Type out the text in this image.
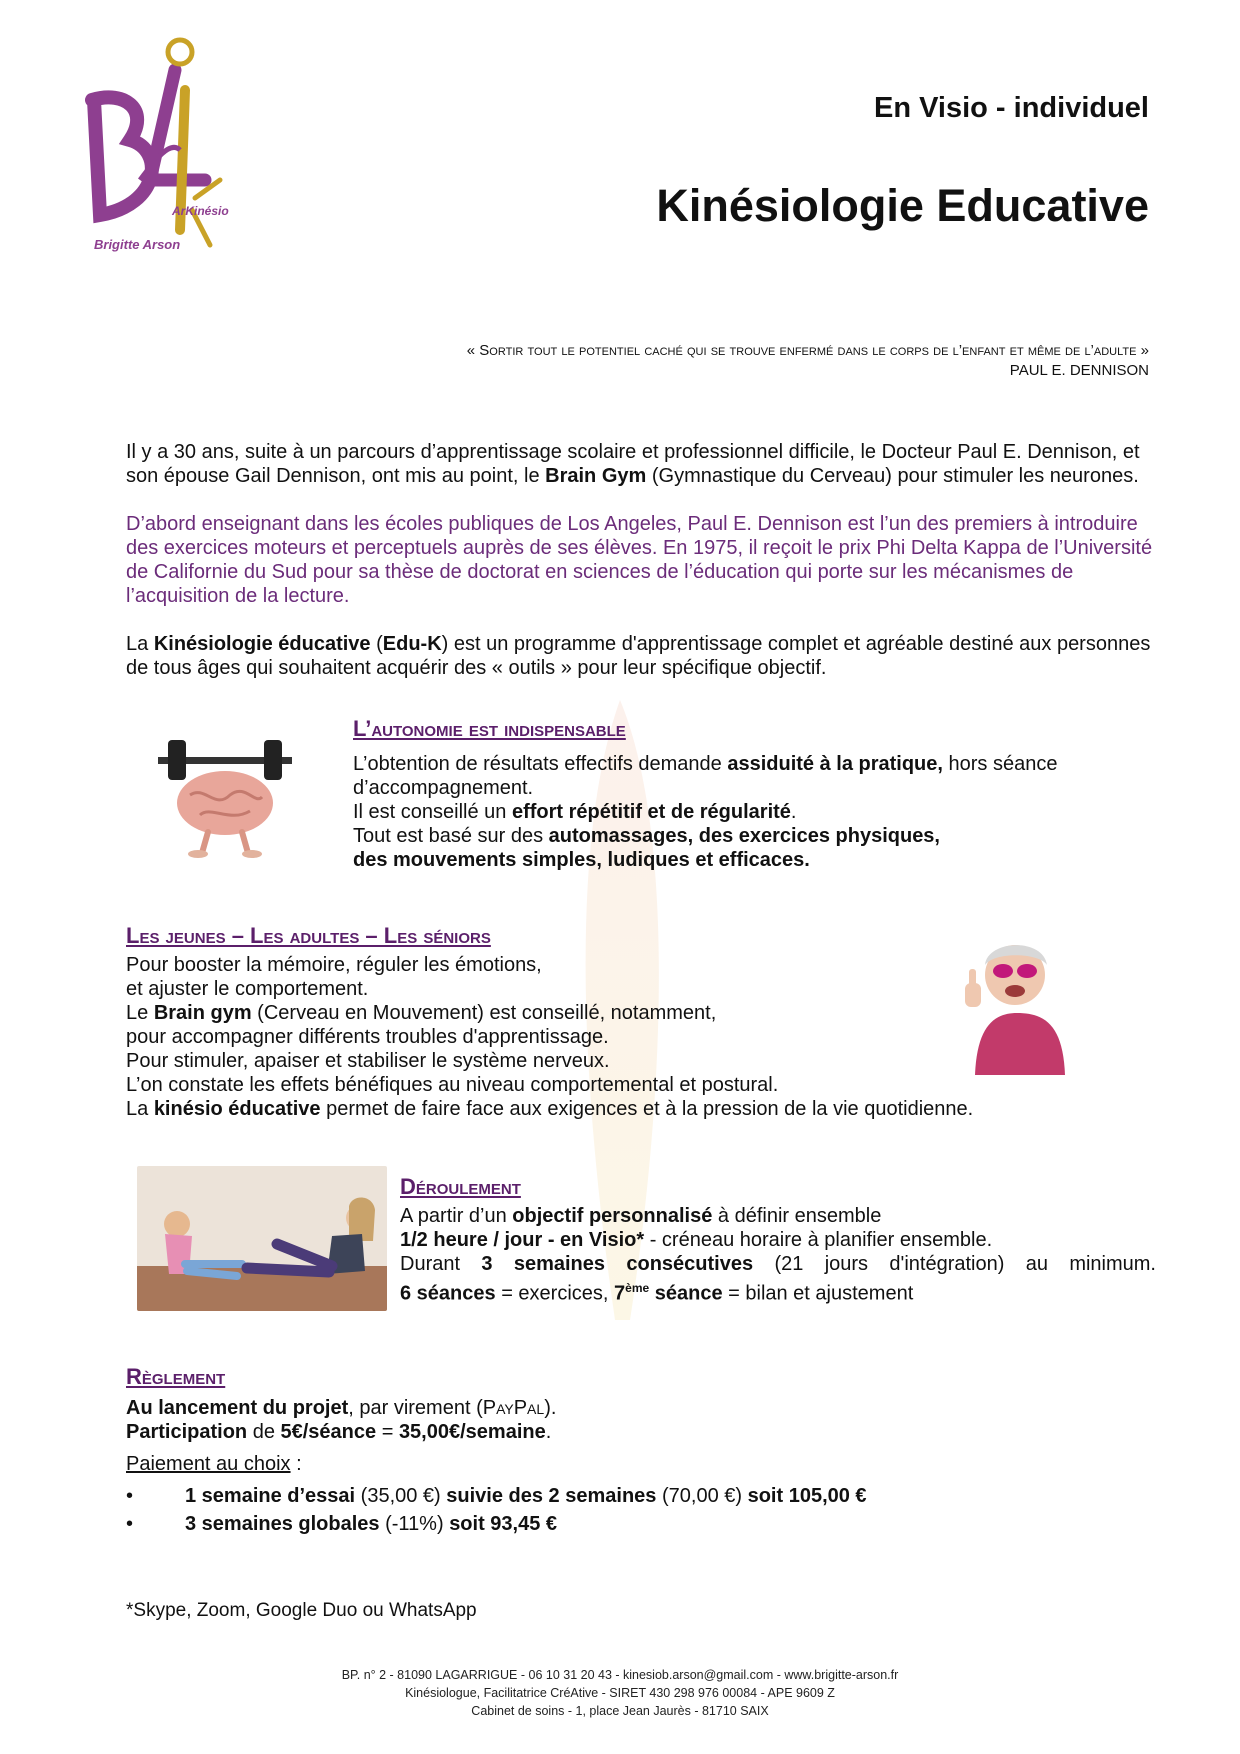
ArKinésio
Brigitte Arson
En Visio - individuel
Kinésiologie Educative
« Sortir tout le potentiel caché qui se trouve enfermé dans le corps de l’enfant et même de l’adulte »
PAUL E. DENNISON
Il y a 30 ans, suite à un parcours d’apprentissage scolaire et professionnel difficile, le Docteur Paul E. Dennison, et son épouse Gail Dennison, ont mis au point, le Brain Gym (Gymnastique du Cerveau) pour stimuler les neurones.
D’abord enseignant dans les écoles publiques de Los Angeles, Paul E. Dennison est l’un des premiers à introduire des exercices moteurs et perceptuels auprès de ses élèves. En 1975, il reçoit le prix Phi Delta Kappa de l’Université de Californie du Sud pour sa thèse de doctorat en sciences de l’éducation qui porte sur les mécanismes de l’acquisition de la lecture.
La Kinésiologie éducative (Edu-K) est un programme d'apprentissage complet et agréable destiné aux personnes de tous âges qui souhaitent acquérir des « outils » pour leur spécifique objectif.
L’autonomie est indispensable
L’obtention de résultats effectifs demande assiduité à la pratique, hors séance d’accompagnement.
Il est conseillé un effort répétitif et de régularité.
Tout est basé sur des automassages, des exercices physiques,
des mouvements simples, ludiques et efficaces.
Les jeunes – Les adultes – Les séniors
Pour booster la mémoire, réguler les émotions,
et ajuster le comportement.
Le Brain gym (Cerveau en Mouvement) est conseillé, notamment,
pour accompagner différents troubles d'apprentissage.
Pour stimuler, apaiser et stabiliser le système nerveux.
L’on constate les effets bénéfiques au niveau comportemental et postural.
La kinésio éducative permet de faire face aux exigences et à la pression de la vie quotidienne.
Déroulement
A partir d’un objectif personnalisé à définir ensemble
1/2 heure / jour - en Visio* - créneau horaire à planifier ensemble.
Durant 3 semaines consécutives (21 jours d'intégration) au minimum.
6 séances = exercices, 7ème séance = bilan et ajustement
Règlement
Au lancement du projet, par virement (PayPal).
Participation de 5€/séance = 35,00€/semaine.
Paiement au choix :
• 1 semaine d’essai (35,00 €) suivie des 2 semaines (70,00 €) soit 105,00 €
• 3 semaines globales (-11%) soit 93,45 €
*Skype, Zoom, Google Duo ou WhatsApp
BP. n° 2 - 81090 LAGARRIGUE - 06 10 31 20 43 - kinesiob.arson@gmail.com - www.brigitte-arson.fr
Kinésiologue, Facilitatrice CréAtive - SIRET 430 298 976 00084 - APE 9609 Z
Cabinet de soins - 1, place Jean Jaurès - 81710 SAIX
